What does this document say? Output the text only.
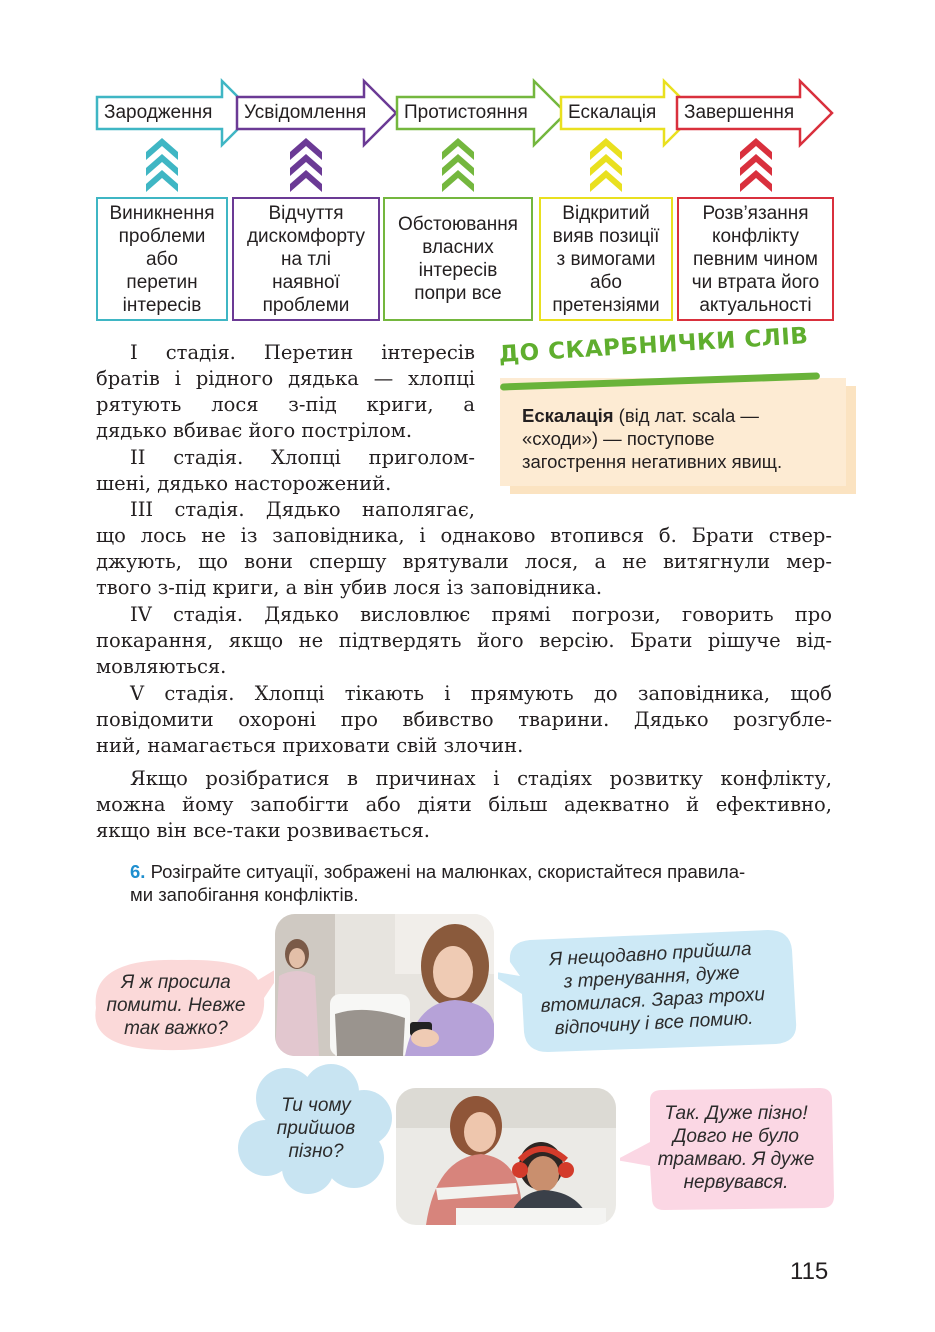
Зародження Усвідомлення Протистояння Ескалація Завершення
Виникнення
проблеми
або
перетин
інтересів
Відчуття
дискомфорту
на тлі
наявної
проблеми
Обстоювання
власних
інтересів
попри все
Відкритий
вияв позиції
з вимогами
або
претензіями
Розв’язання
конфлікту
певним чином
чи втрата його
актуальності
Ескалація (від лат. scala —
«сходи») — поступове
загострення негативних явищ.
ДО СКАРБНИЧКИ СЛІВ
I стадія. Перетин інтересів
братів і рідного дядька — хлопці
рятують лося з-під криги, а
дядько вбиває його пострілом.
II стадія. Хлопці приголом-
шені, дядько насторожений.
III стадія. Дядько наполягає,
що лось не із заповідника, і однаково втопився б. Брати ствер-
джують, що вони спершу врятували лося, а не витягнули мер-
твого з-під криги, а він убив лося із заповідника.
IV стадія. Дядько висловлює прямі погрози, говорить про
покарання, якщо не підтвердять його версію. Брати рішуче від-
мовляються.
V стадія. Хлопці тікають і прямують до заповідника, щоб
повідомити охороні про вбивство тварини. Дядько розгубле-
ний, намагається приховати свій злочин.
Якщо розібратися в причинах і стадіях розвитку конфлікту,
можна йому запобігти або діяти більш адекватно й ефективно,
якщо він все-таки розвивається.
6. Розіграйте ситуації, зображені на малюнках, скористайтеся правила-
ми запобігання конфліктів.
Я ж просила
помити. Невже
так важко?
Я нещодавно прийшла
з тренування, дуже
втомилася. Зараз трохи
відпочину і все помию.
Ти чому
прийшов
пізно?
Так. Дуже пізно!
Довго не було
трамваю. Я дуже
нервувався.
115
